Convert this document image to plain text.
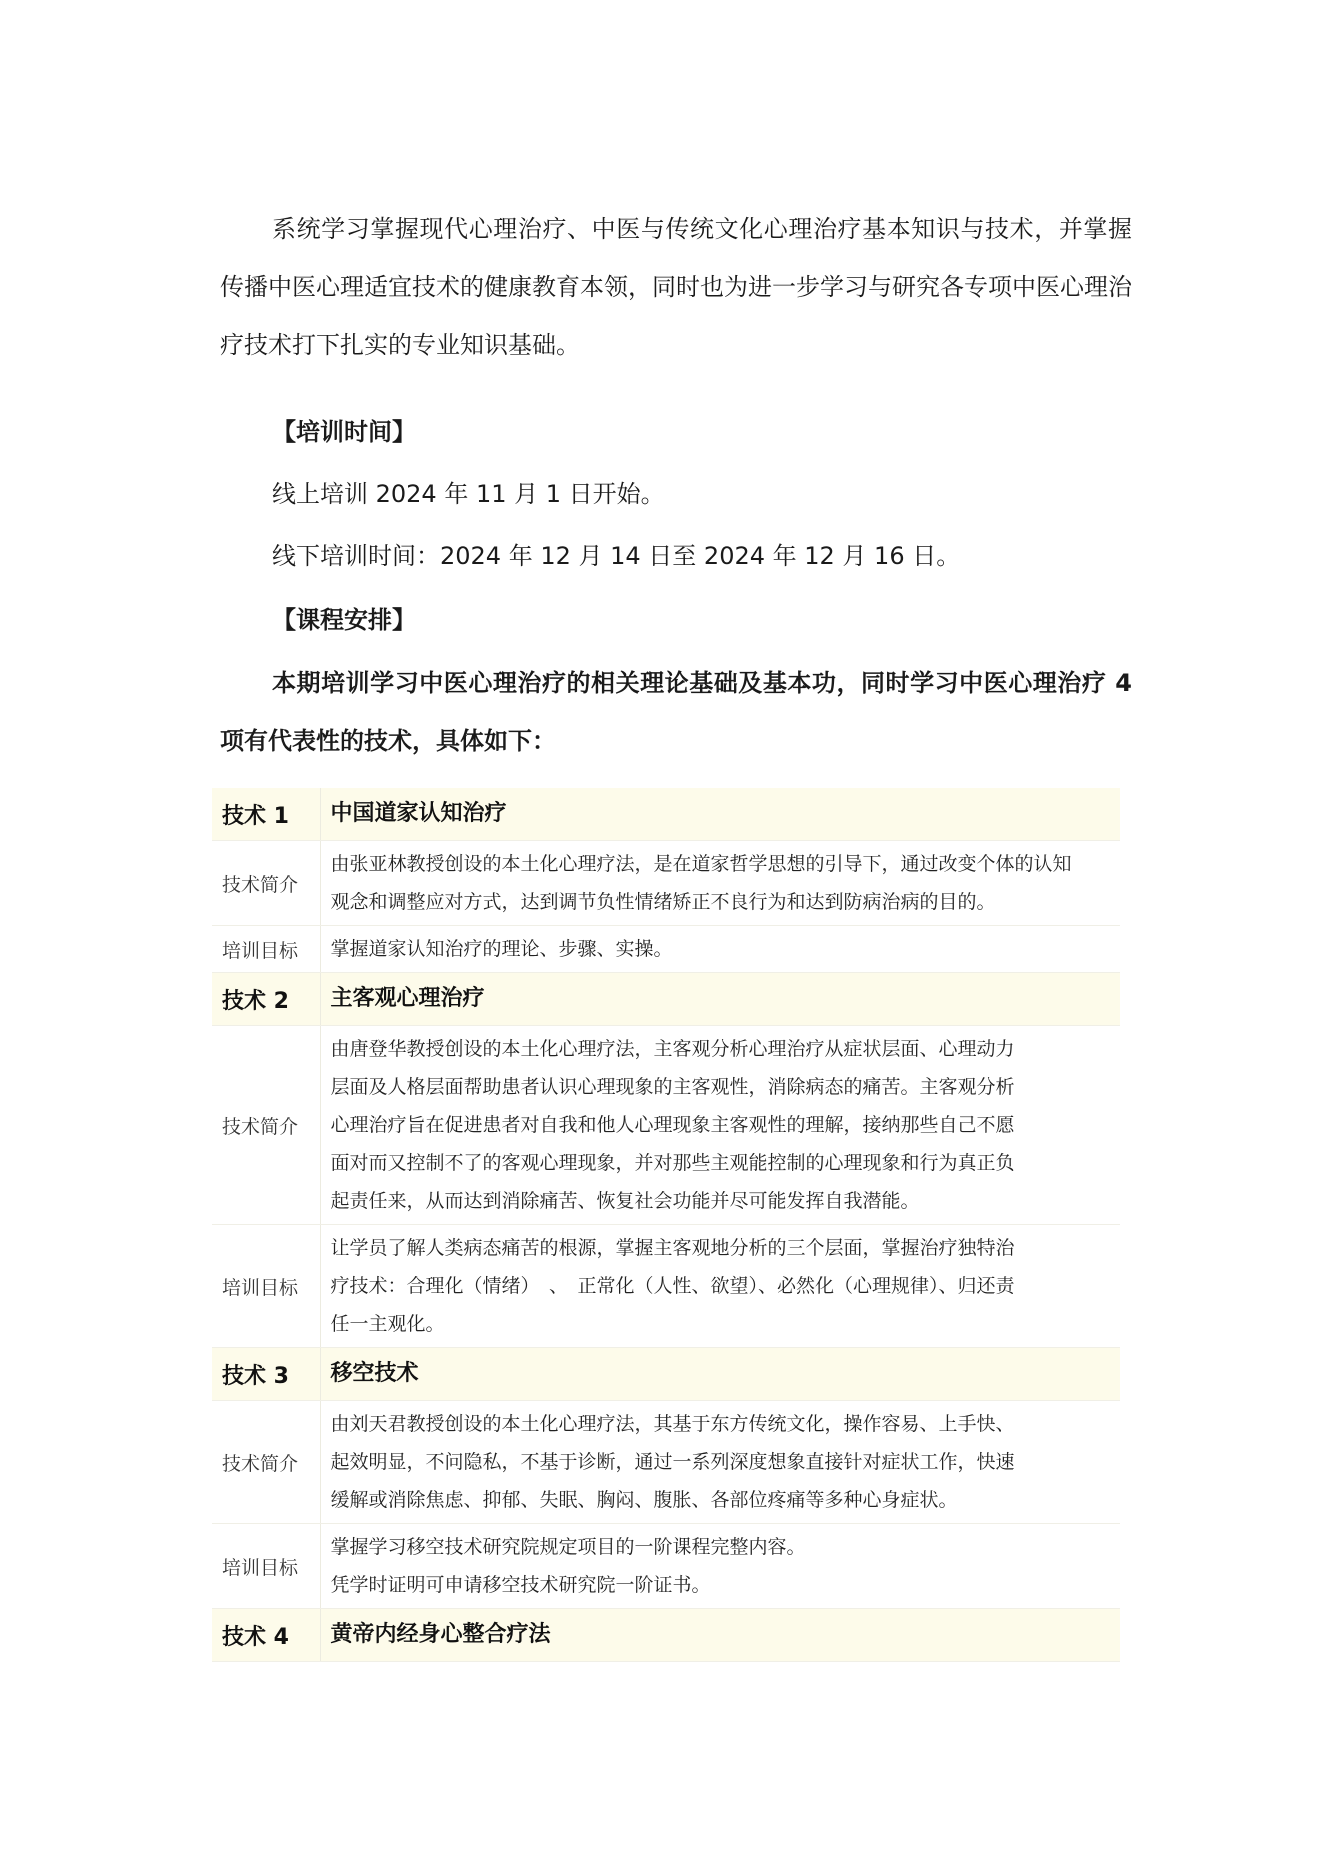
系统学习掌握现代心理治疗、中医与传统文化心理治疗基本知识与技术，并掌握传播中医心理适宜技术的健康教育本领，同时也为进一步学习与研究各专项中医心理治疗技术打下扎实的专业知识基础。

【培训时间】

线上培训 2024 年 11 月 1 日开始。

线下培训时间：2024 年 12 月 14 日至 2024 年 12 月 16 日。

【课程安排】

本期培训学习中医心理治疗的相关理论基础及基本功，同时学习中医心理治疗 4 项有代表性的技术，具体如下：

技术 1	中国道家认知治疗
技术简介	由张亚林教授创设的本土化心理疗法，是在道家哲学思想的引导下，通过改变个体的认知
观念和调整应对方式，达到调节负性情绪矫正不良行为和达到防病治病的目的。

培训目标	掌握道家认知治疗的理论、步骤、实操。

技术 2	主客观心理治疗
技术简介	由唐登华教授创设的本土化心理疗法，主客观分析心理治疗从症状层面、心理动力
层面及人格层面帮助患者认识心理现象的主客观性，消除病态的痛苦。主客观分析
心理治疗旨在促进患者对自我和他人心理现象主客观性的理解，接纳那些自己不愿
面对而又控制不了的客观心理现象，并对那些主观能控制的心理现象和行为真正负
起责任来，从而达到消除痛苦、恢复社会功能并尽可能发挥自我潜能。

培训目标	让学员了解人类病态痛苦的根源，掌握主客观地分析的三个层面，掌握治疗独特治
疗技术：合理化（情绪）　、　正常化（人性、欲望）、必然化（心理规律）、归还责
任一主观化。

技术 3	移空技术
技术简介	由刘天君教授创设的本土化心理疗法，其基于东方传统文化，操作容易、上手快、
起效明显，不问隐私，不基于诊断，通过一系列深度想象直接针对症状工作，快速
缓解或消除焦虑、抑郁、失眠、胸闷、腹胀、各部位疼痛等多种心身症状。

培训目标	掌握学习移空技术研究院规定项目的一阶课程完整内容。
凭学时证明可申请移空技术研究院一阶证书。

技术 4	黄帝内经身心整合疗法
